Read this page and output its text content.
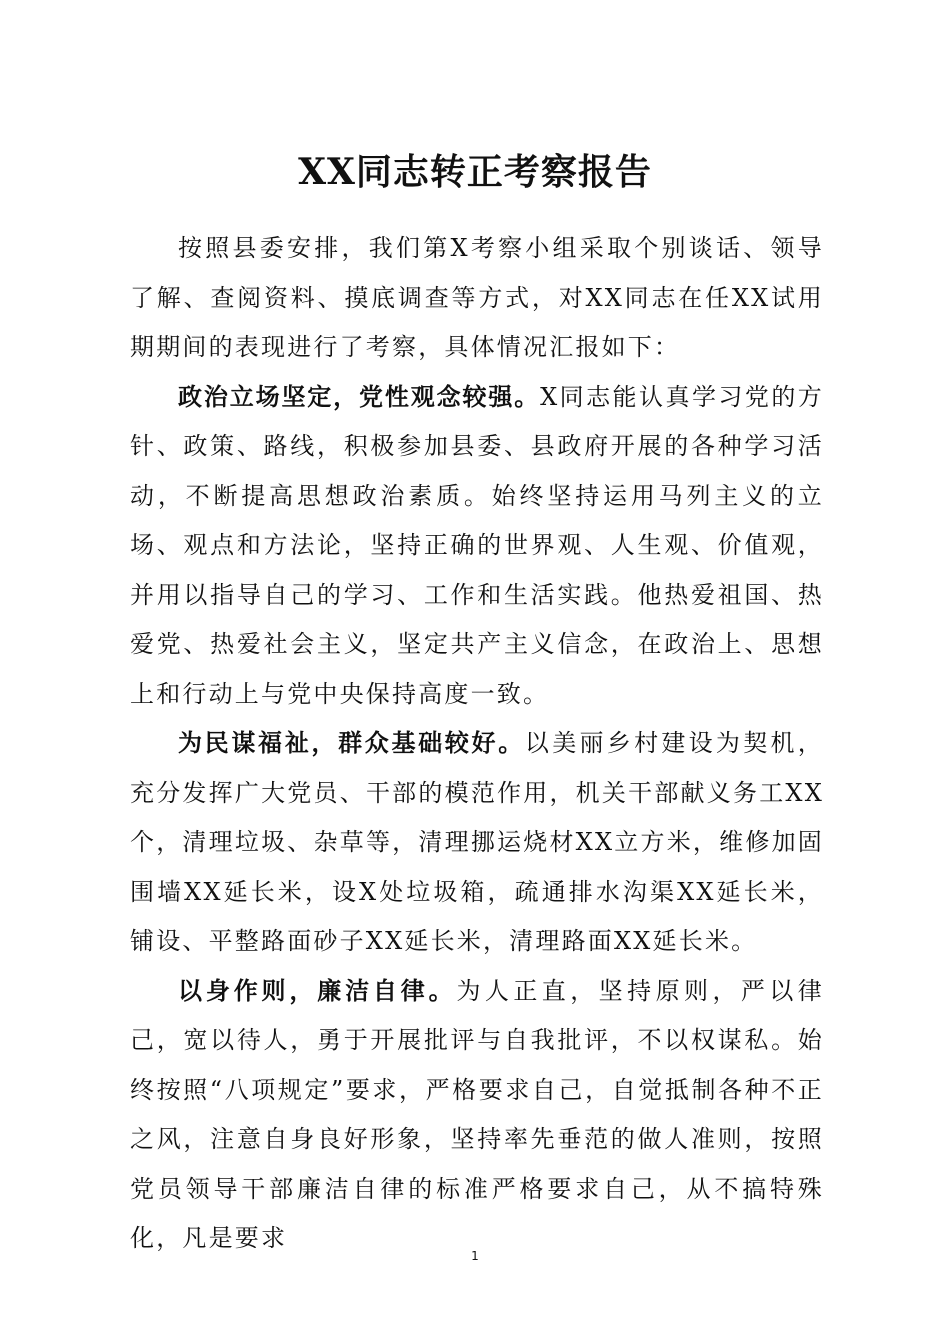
XX同志转正考察报告

按照县委安排，我们第X考察小组采取个别谈话、领导了解、查阅资料、摸底调查等方式，对XX同志在任XX试用期期间的表现进行了考察，具体情况汇报如下：

政治立场坚定，党性观念较强。X同志能认真学习党的方针、政策、路线，积极参加县委、县政府开展的各种学习活动，不断提高思想政治素质。始终坚持运用马列主义的立场、观点和方法论，坚持正确的世界观、人生观、价值观，并用以指导自己的学习、工作和生活实践。他热爱祖国、热爱党、热爱社会主义，坚定共产主义信念，在政治上、思想上和行动上与党中央保持高度一致。

为民谋福祉，群众基础较好。以美丽乡村建设为契机，充分发挥广大党员、干部的模范作用，机关干部献义务工XX个，清理垃圾、杂草等，清理挪运烧材XX立方米，维修加固围墙XX延长米，设X处垃圾箱，疏通排水沟渠XX延长米，铺设、平整路面砂子XX延长米，清理路面XX延长米。

以身作则，廉洁自律。为人正直，坚持原则，严以律己，宽以待人，勇于开展批评与自我批评，不以权谋私。始终按照“八项规定”要求，严格要求自己，自觉抵制各种不正之风，注意自身良好形象，坚持率先垂范的做人准则，按照党员领导干部廉洁自律的标准严格要求自己，从不搞特殊化，凡是要求

1
